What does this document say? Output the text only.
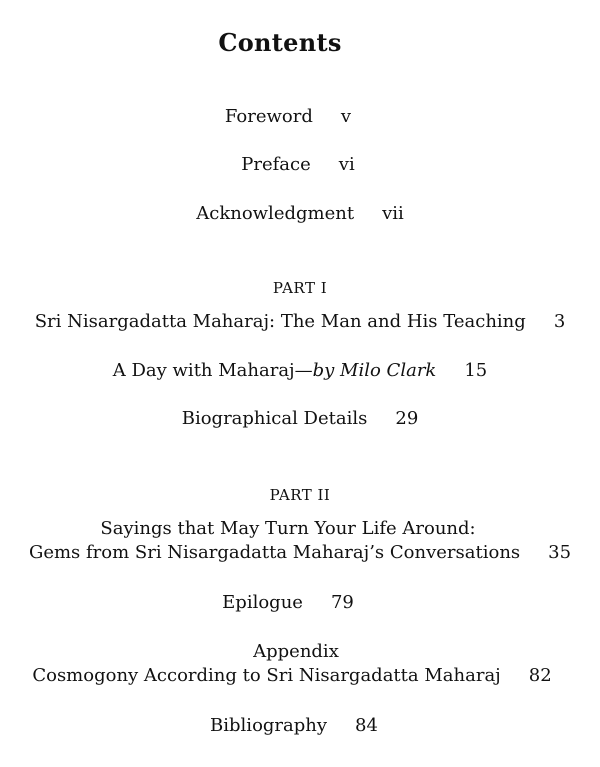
Contents
Foreword v
Preface vi
Acknowledgment vii
PART I
Sri Nisargadatta Maharaj: The Man and His Teaching 3
A Day with Maharaj—by Milo Clark 15
Biographical Details 29
PART II
Sayings that May Turn Your Life Around:
Gems from Sri Nisargadatta Maharaj’s Conversations 35
Epilogue 79
Appendix
Cosmogony According to Sri Nisargadatta Maharaj 82
Bibliography 84
